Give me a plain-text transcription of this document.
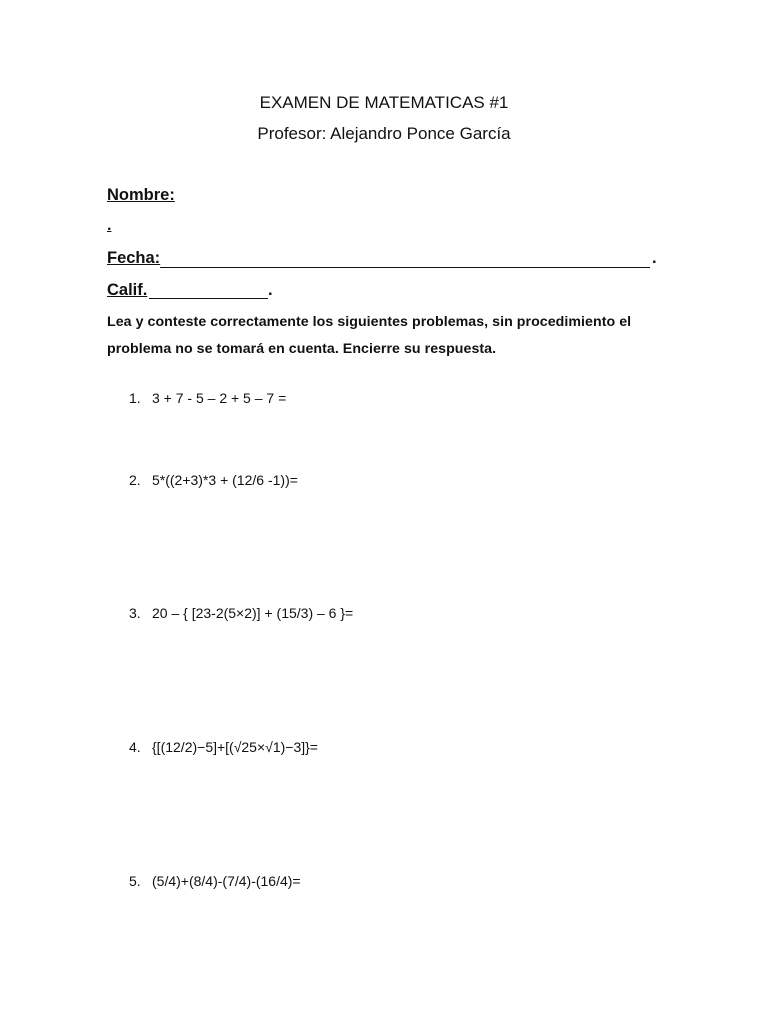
EXAMEN DE MATEMATICAS #1
Profesor: Alejandro Ponce García
Nombre:
.
Fecha:	.
Calif.	.
Lea y conteste correctamente los siguientes problemas, sin procedimiento el problema no se tomará en cuenta. Encierre su respuesta.
1. 3 + 7 - 5 – 2 + 5 – 7 =
2. 5*((2+3)*3 + (12/6 -1))=
3. 20 – { [23-2(5×2)] + (15/3) – 6 }=
4. {[(12/2)−5]+[(√25×√1)−3]}=
5. (5/4)+(8/4)-(7/4)-(16/4)=
